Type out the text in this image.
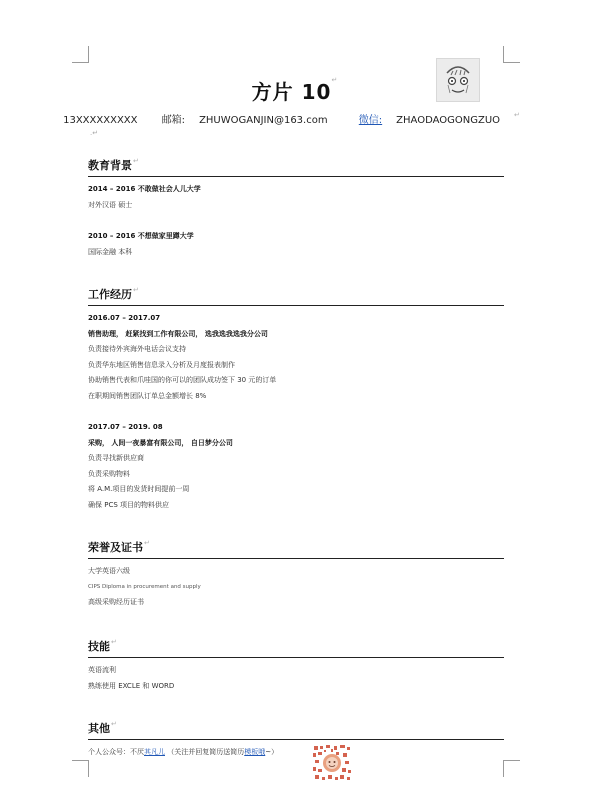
方片 10↵
13XXXXXXXXX 邮箱: ZHUWOGANJIN@163.com	微信: ZHAODAOGONGZUO ↵
.↵
教育背景↵
2014 – 2016 不敢做社会人儿大学
对外汉语 硕士
2010 – 2016 不想做家里蹲大学
国际金融 本科
工作经历↵
2016.07 – 2017.07
销售助理， 赶紧找到工作有限公司， 选我选我选我分公司
负责接待外宾海外电话会议支持
负责华东地区销售信息录入分析及月度报表制作
协助销售代表和爪哇国的你可以的团队成功签下 30 元的订单
在职期间销售团队订单总金额增长 8%
2017.07 – 2019. 08
采购， 人间一夜暴富有限公司， 自日梦分公司
负责寻找新供应商
负责采购物料
将 A.M.项目的发货时间提前一周
确保 PCS 项目的物料供应
荣誉及证书↵
大学英语六级
CIPS Diploma in procurement and supply
高级采购经历证书
技能↵
英语流利
熟练使用 EXCLE 和 WORD
其他↵
个人公众号：不厌其凡儿 （关注并回复简历送简历模板哦~）
